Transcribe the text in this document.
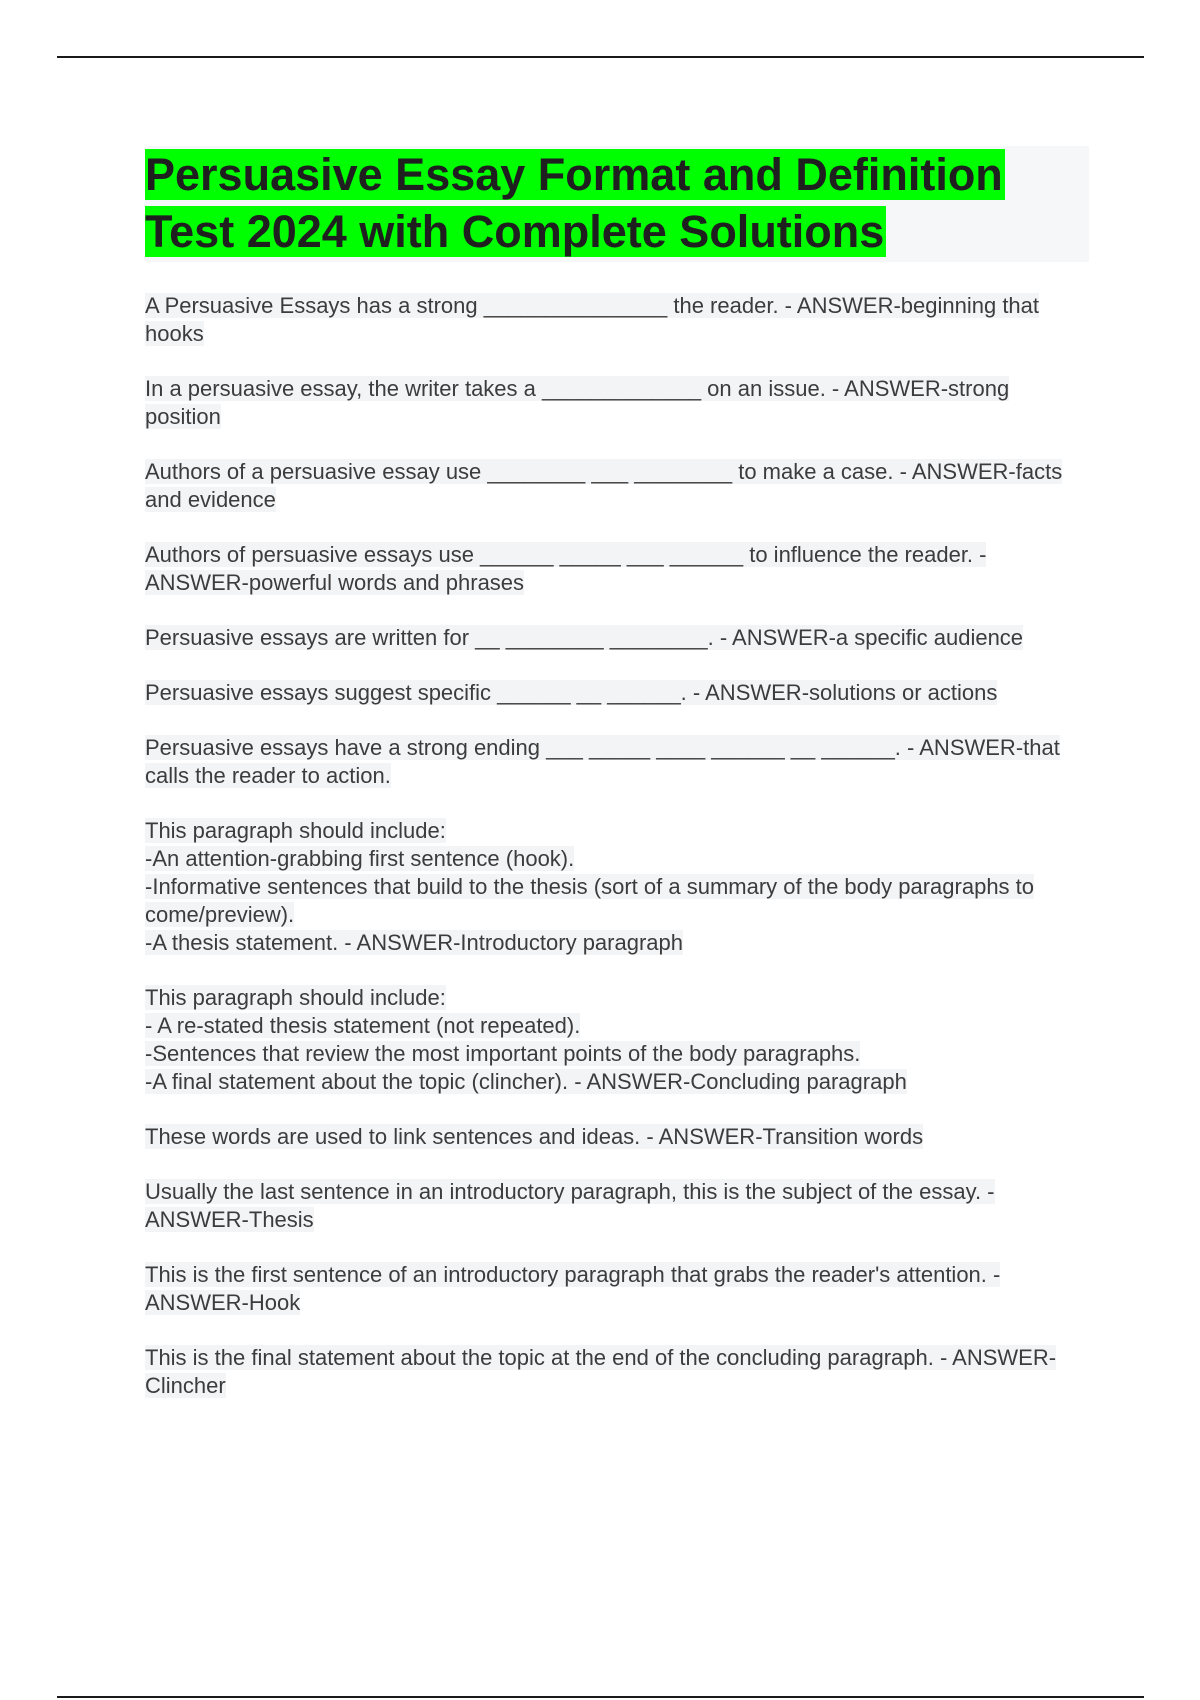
Persuasive Essay Format and Definition
Test 2024 with Complete Solutions

A Persuasive Essays has a strong _______________ the reader. - ANSWER-beginning that hooks

In a persuasive essay, the writer takes a _____________ on an issue. - ANSWER-strong position

Authors of a persuasive essay use ________ ___ ________ to make a case. - ANSWER-facts and evidence

Authors of persuasive essays use ______ _____ ___ ______ to influence the reader. - ANSWER-powerful words and phrases

Persuasive essays are written for __ ________ ________. - ANSWER-a specific audience

Persuasive essays suggest specific ______ __ ______. - ANSWER-solutions or actions

Persuasive essays have a strong ending ___ _____ ____ ______ __ ______. - ANSWER-that calls the reader to action.

This paragraph should include:
-An attention-grabbing first sentence (hook).
-Informative sentences that build to the thesis (sort of a summary of the body paragraphs to come/preview).
-A thesis statement. - ANSWER-Introductory paragraph

This paragraph should include:
- A re-stated thesis statement (not repeated).
-Sentences that review the most important points of the body paragraphs.
-A final statement about the topic (clincher). - ANSWER-Concluding paragraph

These words are used to link sentences and ideas. - ANSWER-Transition words

Usually the last sentence in an introductory paragraph, this is the subject of the essay. - ANSWER-Thesis

This is the first sentence of an introductory paragraph that grabs the reader's attention. - ANSWER-Hook

This is the final statement about the topic at the end of the concluding paragraph. - ANSWER-Clincher
